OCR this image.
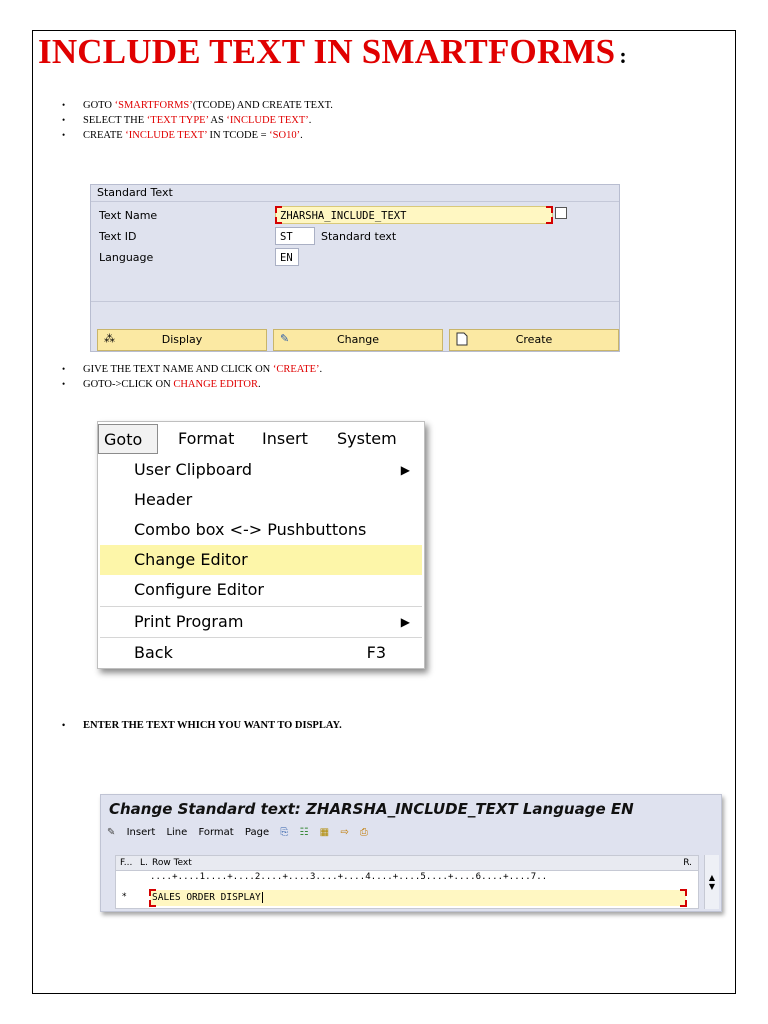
INCLUDE TEXT IN SMARTFORMS :
• GOTO ‘SMARTFORMS’(TCODE) AND CREATE TEXT.
• SELECT THE ‘TEXT TYPE’ AS ‘INCLUDE TEXT’.
• CREATE ‘INCLUDE TEXT’ IN TCODE = ‘SO10’.
Standard Text
Text Name	ZHARSHA_INCLUDE_TEXT
Text ID	ST	Standard text
Language	EN
⁂	Display	✎	Change	Create
• GIVE THE TEXT NAME AND CLICK ON ‘CREATE’.
• GOTO->CLICK ON CHANGE EDITOR.
Goto Format Insert System
User Clipboard	▶
Header
Combo box <-> Pushbuttons
Change Editor
Configure Editor
Print Program	▶
Back	F3
• ENTER THE TEXT WHICH YOU WANT TO DISPLAY.
Change Standard text: ZHARSHA_INCLUDE_TEXT Language EN
✎ Insert Line Format Page ⎘ ☷ ▦ ⇨ ⎙
F... L. Row Text	R.
....+....1....+....2....+....3....+....4....+....5....+....6....+....7..
*	SALES ORDER DISPLAY
▲
▼
